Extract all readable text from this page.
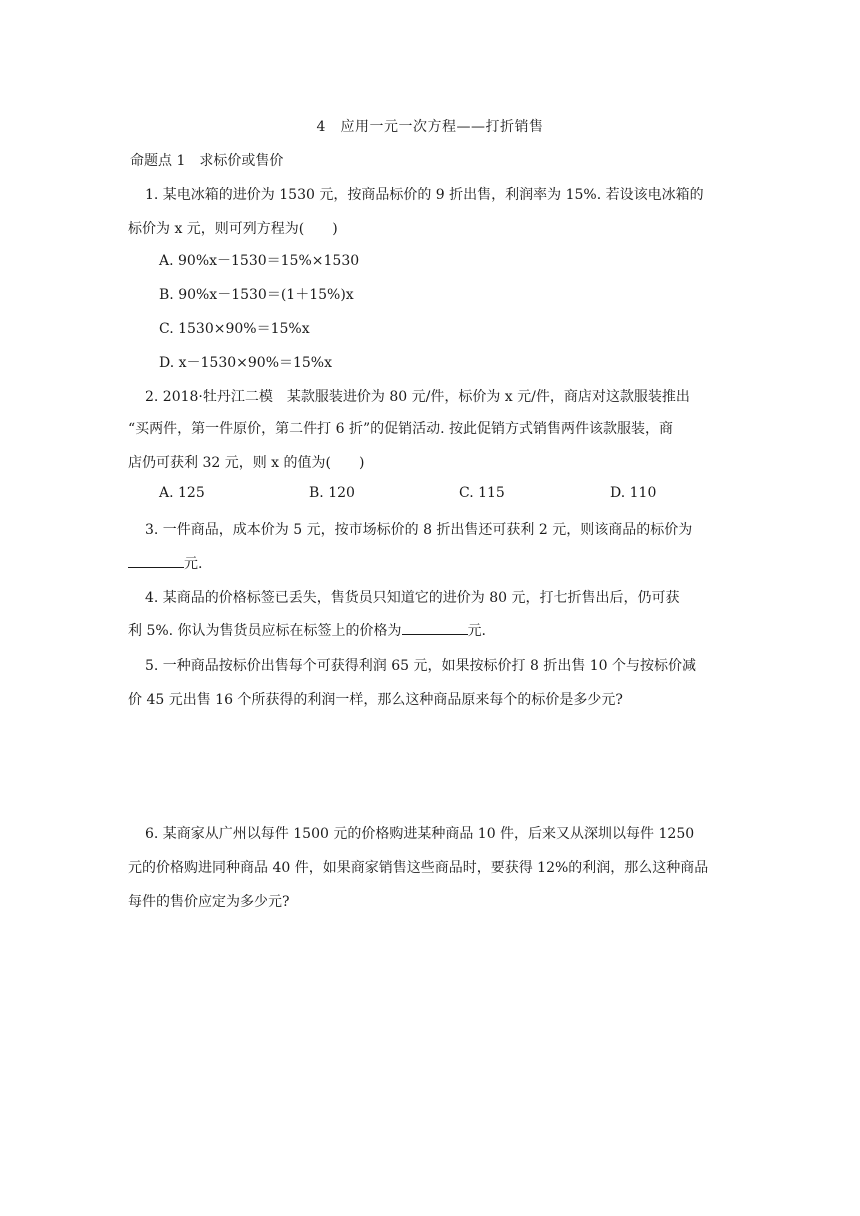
4　应用一元一次方程——打折销售
命题点 1　求标价或售价
1. 某电冰箱的进价为 1530 元，按商品标价的 9 折出售，利润率为 15%. 若设该电冰箱的
标价为 x 元，则可列方程为(　　)
A. 90%x－1530＝15%×1530
B. 90%x－1530＝(1＋15%)x
C. 1530×90%＝15%x
D. x－1530×90%＝15%x
2. 2018·牡丹江二模　某款服装进价为 80 元/件，标价为 x 元/件，商店对这款服装推出
“买两件，第一件原价，第二件打 6 折”的促销活动. 按此促销方式销售两件该款服装，商
店仍可获利 32 元，则 x 的值为(　　)
A. 125	B. 120	C. 115	D. 110
3. 一件商品，成本价为 5 元，按市场标价的 8 折出售还可获利 2 元，则该商品的标价为
元.
4. 某商品的价格标签已丢失，售货员只知道它的进价为 80 元，打七折售出后，仍可获
利 5%. 你认为售货员应标在标签上的价格为	元.
5. 一种商品按标价出售每个可获得利润 65 元，如果按标价打 8 折出售 10 个与按标价减
价 45 元出售 16 个所获得的利润一样，那么这种商品原来每个的标价是多少元?
6. 某商家从广州以每件 1500 元的价格购进某种商品 10 件，后来又从深圳以每件 1250
元的价格购进同种商品 40 件，如果商家销售这些商品时，要获得 12%的利润，那么这种商品
每件的售价应定为多少元?
